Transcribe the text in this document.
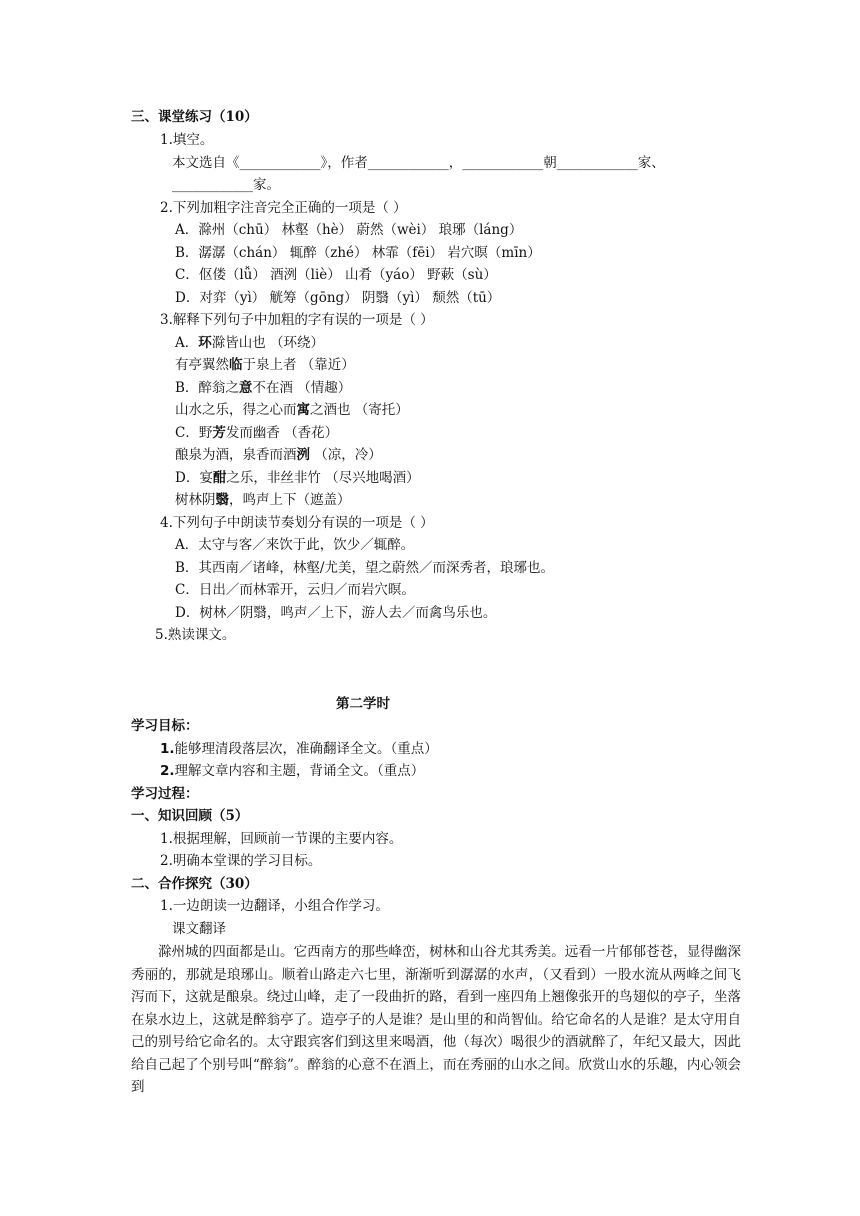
三、课堂练习（10）
1.填空。
本文选自《____________》，作者____________，____________朝____________家、
____________家。
2.下列加粗字注音完全正确的一项是（ ）
A．滁州（chū） 林壑（hè） 蔚然（wèi） 琅琊（láng）
B．潺潺（chán） 辄醉（zhé） 林霏（fēi） 岩穴暝（mīn）
C．伛偻（lǚ） 酒洌（liè） 山肴（yáo） 野蔌（sù）
D．对弈（yì） 觥筹（gōng） 阴翳（yì） 颓然（tū）
3.解释下列句子中加粗的字有误的一项是（ ）
A．环滁皆山也 （环绕）
有亭翼然临于泉上者 （靠近）
B．醉翁之意不在酒 （情趣）
山水之乐，得之心而寓之酒也 （寄托）
C．野芳发而幽香 （香花）
酿泉为酒，泉香而酒洌 （凉，冷）
D．宴酣之乐，非丝非竹 （尽兴地喝酒）
树林阴翳，鸣声上下（遮盖）
4.下列句子中朗读节奏划分有误的一项是（ ）
A．太守与客／来饮于此，饮少／辄醉。
B．其西南／诸峰，林壑/尤美，望之蔚然／而深秀者，琅琊也。
C．日出／而林霏开，云归／而岩穴暝。
D．树林／阴翳，鸣声／上下，游人去／而禽鸟乐也。
5.熟读课文。
第二学时
学习目标：
1.能够理清段落层次，准确翻译全文。（重点）
2.理解文章内容和主题，背诵全文。（重点）
学习过程：
一、知识回顾（5）
1.根据理解，回顾前一节课的主要内容。
2.明确本堂课的学习目标。
二、合作探究（30）
1.一边朗读一边翻译，小组合作学习。
课文翻译
滁州城的四面都是山。它西南方的那些峰峦，树林和山谷尤其秀美。远看一片郁郁苍苍，显得幽深秀丽的，那就是琅琊山。顺着山路走六七里，渐渐听到潺潺的水声，（又看到）一股水流从两峰之间飞泻而下，这就是酿泉。绕过山峰，走了一段曲折的路，看到一座四角上翘像张开的鸟翅似的亭子，坐落在泉水边上，这就是醉翁亭了。造亭子的人是谁？是山里的和尚智仙。给它命名的人是谁？是太守用自己的别号给它命名的。太守跟宾客们到这里来喝酒，他（每次）喝很少的酒就醉了，年纪又最大，因此给自己起了个别号叫“醉翁”。醉翁的心意不在酒上，而在秀丽的山水之间。欣赏山水的乐趣，内心领会到
